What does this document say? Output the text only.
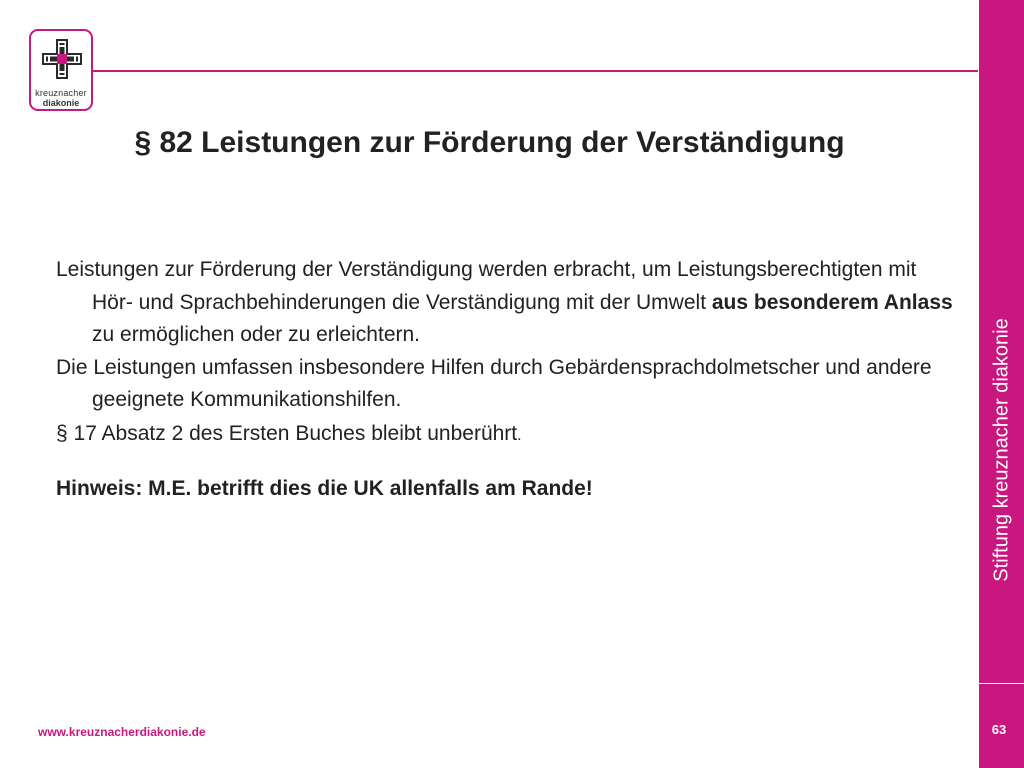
kreuznacher
diakonie
§ 82 Leistungen zur Förderung der Verständigung

Leistungen zur Förderung der Verständigung werden erbracht, um Leistungsberechtigten mit Hör- und Sprachbehinderungen die Verständigung mit der Umwelt aus besonderem Anlass zu ermöglichen oder zu erleichtern.

Die Leistungen umfassen insbesondere Hilfen durch Gebärdensprachdolmetscher und andere geeignete Kommunikationshilfen.

§ 17 Absatz 2 des Ersten Buches bleibt unberührt.

Hinweis: M.E. betrifft dies die UK allenfalls am Rande!

www.kreuznacherdiakonie.de
Stiftung kreuznacher diakonie
63
